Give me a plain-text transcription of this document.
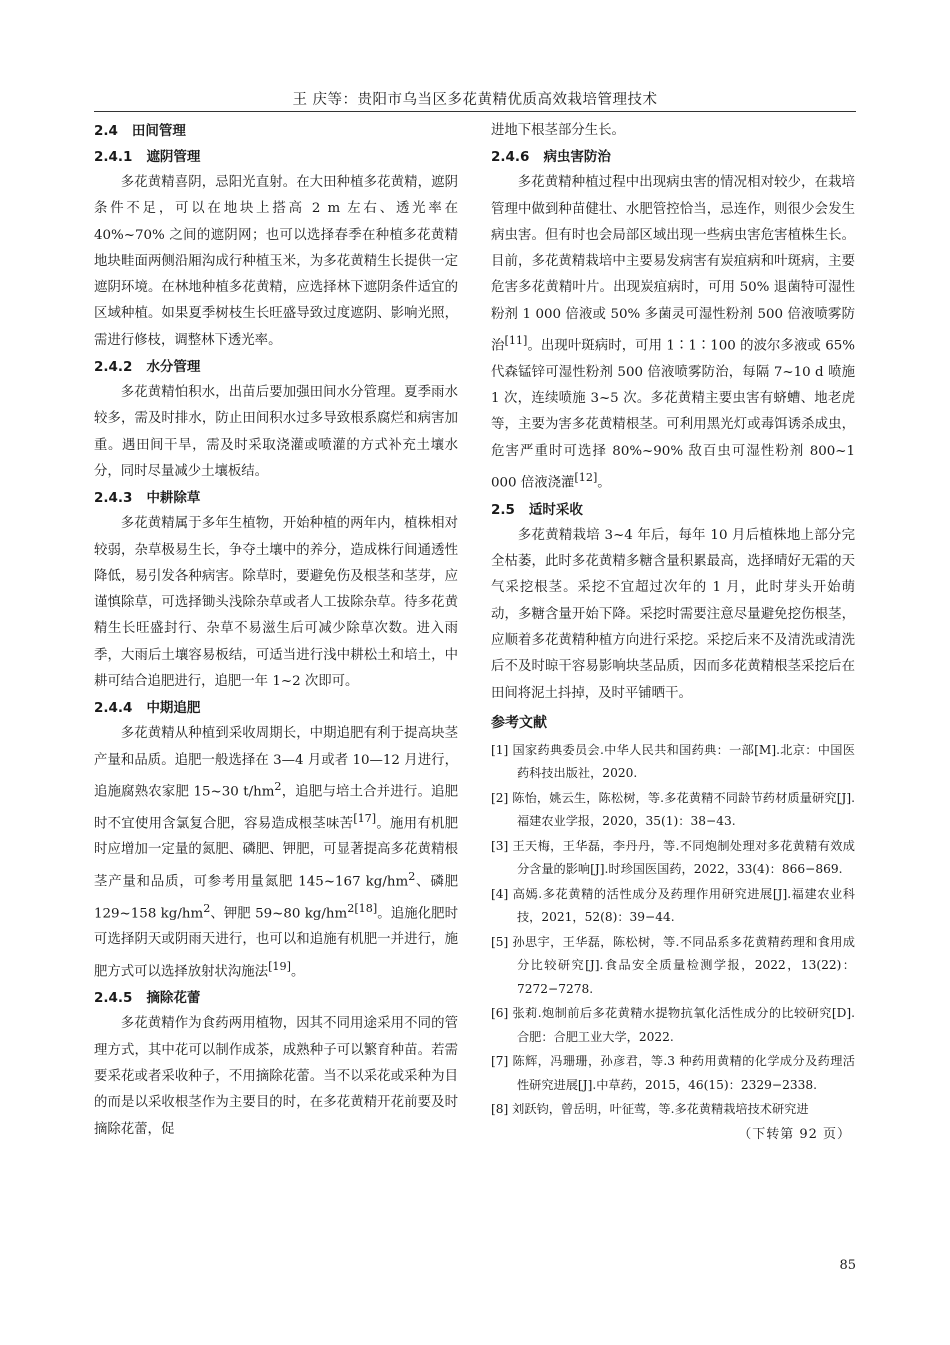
王 庆等：贵阳市乌当区多花黄精优质高效栽培管理技术
2.4 田间管理
2.4.1 遮阴管理

多花黄精喜阴，忌阳光直射。在大田种植多花黄精，遮阴条件不足，可以在地块上搭高 2 m 左右、透光率在 40%~70% 之间的遮阴网；也可以选择春季在种植多花黄精地块畦面两侧沿厢沟成行种植玉米，为多花黄精生长提供一定遮阴环境。在林地种植多花黄精，应选择林下遮阴条件适宜的区域种植。如果夏季树枝生长旺盛导致过度遮阴、影响光照，需进行修枝，调整林下透光率。

2.4.2 水分管理

多花黄精怕积水，出苗后要加强田间水分管理。夏季雨水较多，需及时排水，防止田间积水过多导致根系腐烂和病害加重。遇田间干旱，需及时采取浇灌或喷灌的方式补充土壤水分，同时尽量减少土壤板结。

2.4.3 中耕除草

多花黄精属于多年生植物，开始种植的两年内，植株相对较弱，杂草极易生长，争夺土壤中的养分，造成株行间通透性降低，易引发各种病害。除草时，要避免伤及根茎和茎芽，应谨慎除草，可选择锄头浅除杂草或者人工拔除杂草。待多花黄精生长旺盛封行、杂草不易滋生后可减少除草次数。进入雨季，大雨后土壤容易板结，可适当进行浅中耕松土和培土，中耕可结合追肥进行，追肥一年 1~2 次即可。

2.4.4 中期追肥

多花黄精从种植到采收周期长，中期追肥有利于提高块茎产量和品质。追肥一般选择在 3—4 月或者 10—12 月进行，追施腐熟农家肥 15~30 $t/hm^2$，追肥与培土合并进行。追肥时不宜使用含氯复合肥，容易造成根茎味苦[17]。施用有机肥时应增加一定量的氮肥、磷肥、钾肥，可显著提高多花黄精根茎产量和品质，可参考用量氮肥 145~167 $kg/hm^2$、磷肥 129~158 $kg/hm^2$、钾肥 59~80 $kg/hm^{2[18]}$。追施化肥时可选择阴天或阴雨天进行，也可以和追施有机肥一并进行，施肥方式可以选择放射状沟施法[19]。

2.4.5 摘除花蕾

多花黄精作为食药两用植物，因其不同用途采用不同的管理方式，其中花可以制作成茶，成熟种子可以繁育种苗。若需要采花或者采收种子，不用摘除花蕾。当不以采花或采种为目的而是以采收根茎作为主要目的时，在多花黄精开花前要及时摘除花蕾，促

进地下根茎部分生长。

2.4.6 病虫害防治

多花黄精种植过程中出现病虫害的情况相对较少，在栽培管理中做到种苗健壮、水肥管控恰当，忌连作，则很少会发生病虫害。但有时也会局部区域出现一些病虫害危害植株生长。目前，多花黄精栽培中主要易发病害有炭疽病和叶斑病，主要危害多花黄精叶片。出现炭疽病时，可用 50% 退菌特可湿性粉剂 1 000 倍液或 50% 多菌灵可湿性粉剂 500 倍液喷雾防治[11]。出现叶斑病时，可用 1∶1∶100 的波尔多液或 65% 代森锰锌可湿性粉剂 500 倍液喷雾防治，每隔 7~10 d 喷施 1 次，连续喷施 3~5 次。多花黄精主要虫害有蛴螬、地老虎等，主要为害多花黄精根茎。可利用黑光灯或毒饵诱杀成虫，危害严重时可选择 80%~90% 敌百虫可湿性粉剂 800~1 000 倍液浇灌[12]。

2.5 适时采收

多花黄精栽培 3~4 年后，每年 10 月后植株地上部分完全枯萎，此时多花黄精多糖含量积累最高，选择晴好无霜的天气采挖根茎。采挖不宜超过次年的 1 月，此时芽头开始萌动，多糖含量开始下降。采挖时需要注意尽量避免挖伤根茎，应顺着多花黄精种植方向进行采挖。采挖后来不及清洗或清洗后不及时晾干容易影响块茎品质，因而多花黄精根茎采挖后在田间将泥土抖掉，及时平铺晒干。

参考文献

[1] 国家药典委员会.中华人民共和国药典：一部[M].北京：中国医药科技出版社，2020.

[2] 陈怡，姚云生，陈松树，等.多花黄精不同龄节药材质量研究[J].福建农业学报，2020，35(1)：38−43.

[3] 王天梅，王华磊，李丹丹，等.不同炮制处理对多花黄精有效成分含量的影响[J].时珍国医国药，2022，33(4)：866−869.

[4] 高嫣.多花黄精的活性成分及药理作用研究进展[J].福建农业科技，2021，52(8)：39−44.

[5] 孙思宇，王华磊，陈松树，等.不同品系多花黄精药理和食用成分比较研究[J].食品安全质量检测学报，2022，13(22)：7272−7278.

[6] 张莉.炮制前后多花黄精水提物抗氧化活性成分的比较研究[D].合肥：合肥工业大学，2022.

[7] 陈辉，冯珊珊，孙彦君，等.3 种药用黄精的化学成分及药理活性研究进展[J].中草药，2015，46(15)：2329−2338.

[8] 刘跃钧，曾岳明，叶征莺，等.多花黄精栽培技术研究进

（下转第 92 页）

85
